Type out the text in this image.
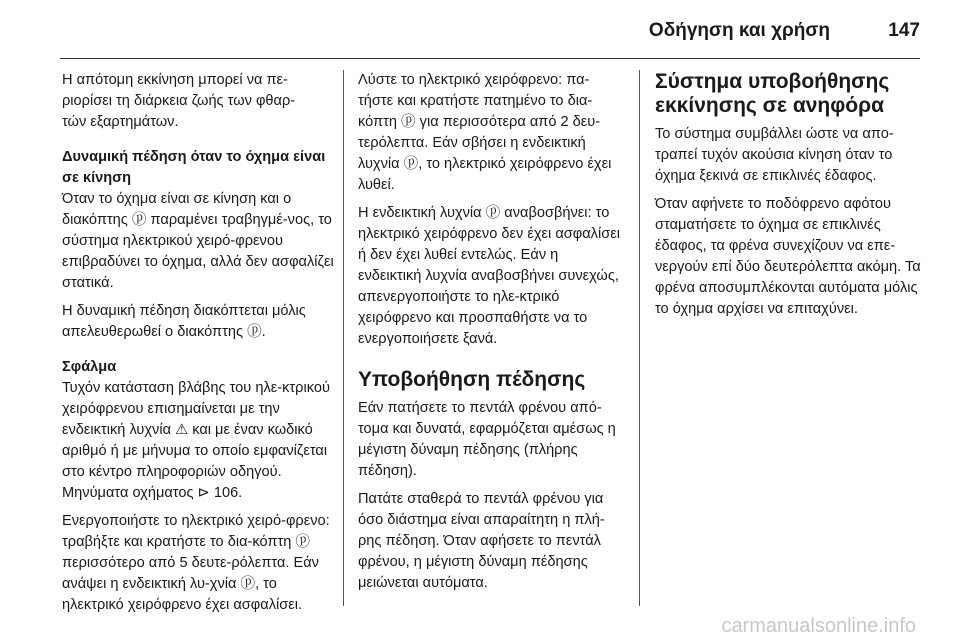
Οδήγηση και χρήση	147

Η απότομη εκκίνηση μπορεί να πε-
ριορίσει τη διάρκεια ζωής των φθαρ-
τών εξαρτημάτων.

Δυναμική πέδηση όταν το όχημα είναι σε κίνηση

Όταν το όχημα είναι σε κίνηση και ο διακόπτης ⓟ παραμένει τραβηγμέ-νος, το σύστημα ηλεκτρικού χειρό-φρενου επιβραδύνει το όχημα, αλλά δεν ασφαλίζει στατικά.

Η δυναμική πέδηση διακόπτεται μόλις απελευθερωθεί ο διακόπτης ⓟ.

Σφάλμα

Τυχόν κατάσταση βλάβης του ηλε-κτρικού χειρόφρενου επισημαίνεται με την ενδεικτική λυχνία ⚠ και με έναν κωδικό αριθμό ή με μήνυμα το οποίο εμφανίζεται στο κέντρο πληροφοριών οδηγού. Μηνύματα οχήματος ⊳ 106.

Ενεργοποιήστε το ηλεκτρικό χειρό-φρενο: τραβήξτε και κρατήστε το δια-κόπτη ⓟ περισσότερο από 5 δευτε-ρόλεπτα. Εάν ανάψει η ενδεικτική λυ-χνία ⓟ, το ηλεκτρικό χειρόφρενο έχει ασφαλίσει.

Λύστε το ηλεκτρικό χειρόφρενο: πα-τήστε και κρατήστε πατημένο το δια-κόπτη ⓟ για περισσότερα από 2 δευ-τερόλεπτα. Εάν σβήσει η ενδεικτική λυχνία ⓟ, το ηλεκτρικό χειρόφρενο έχει λυθεί.

Η ενδεικτική λυχνία ⓟ αναβοσβήνει: το ηλεκτρικό χειρόφρενο δεν έχει ασφαλίσει ή δεν έχει λυθεί εντελώς. Εάν η ενδεικτική λυχνία αναβοσβήνει συνεχώς, απενεργοποιήστε το ηλε-κτρικό χειρόφρενο και προσπαθήστε να το ενεργοποιήσετε ξανά.

Υποβοήθηση πέδησης

Εάν πατήσετε το πεντάλ φρένου από-τομα και δυνατά, εφαρμόζεται αμέσως η μέγιστη δύναμη πέδησης (πλήρης πέδηση).

Πατάτε σταθερά το πεντάλ φρένου για όσο διάστημα είναι απαραίτητη η πλή-ρης πέδηση. Όταν αφήσετε το πεντάλ φρένου, η μέγιστη δύναμη πέδησης μειώνεται αυτόματα.

Σύστημα υποβοήθησης εκκίνησης σε ανηφόρα

Το σύστημα συμβάλλει ώστε να απο-τραπεί τυχόν ακούσια κίνηση όταν το όχημα ξεκινά σε επικλινές έδαφος.

Όταν αφήνετε το ποδόφρενο αφότου σταματήσετε το όχημα σε επικλινές έδαφος, τα φρένα συνεχίζουν να επε-νεργούν επί δύο δευτερόλεπτα ακόμη. Τα φρένα αποσυμπλέκονται αυτόματα μόλις το όχημα αρχίσει να επιταχύνει.

carmanualsonline.info
